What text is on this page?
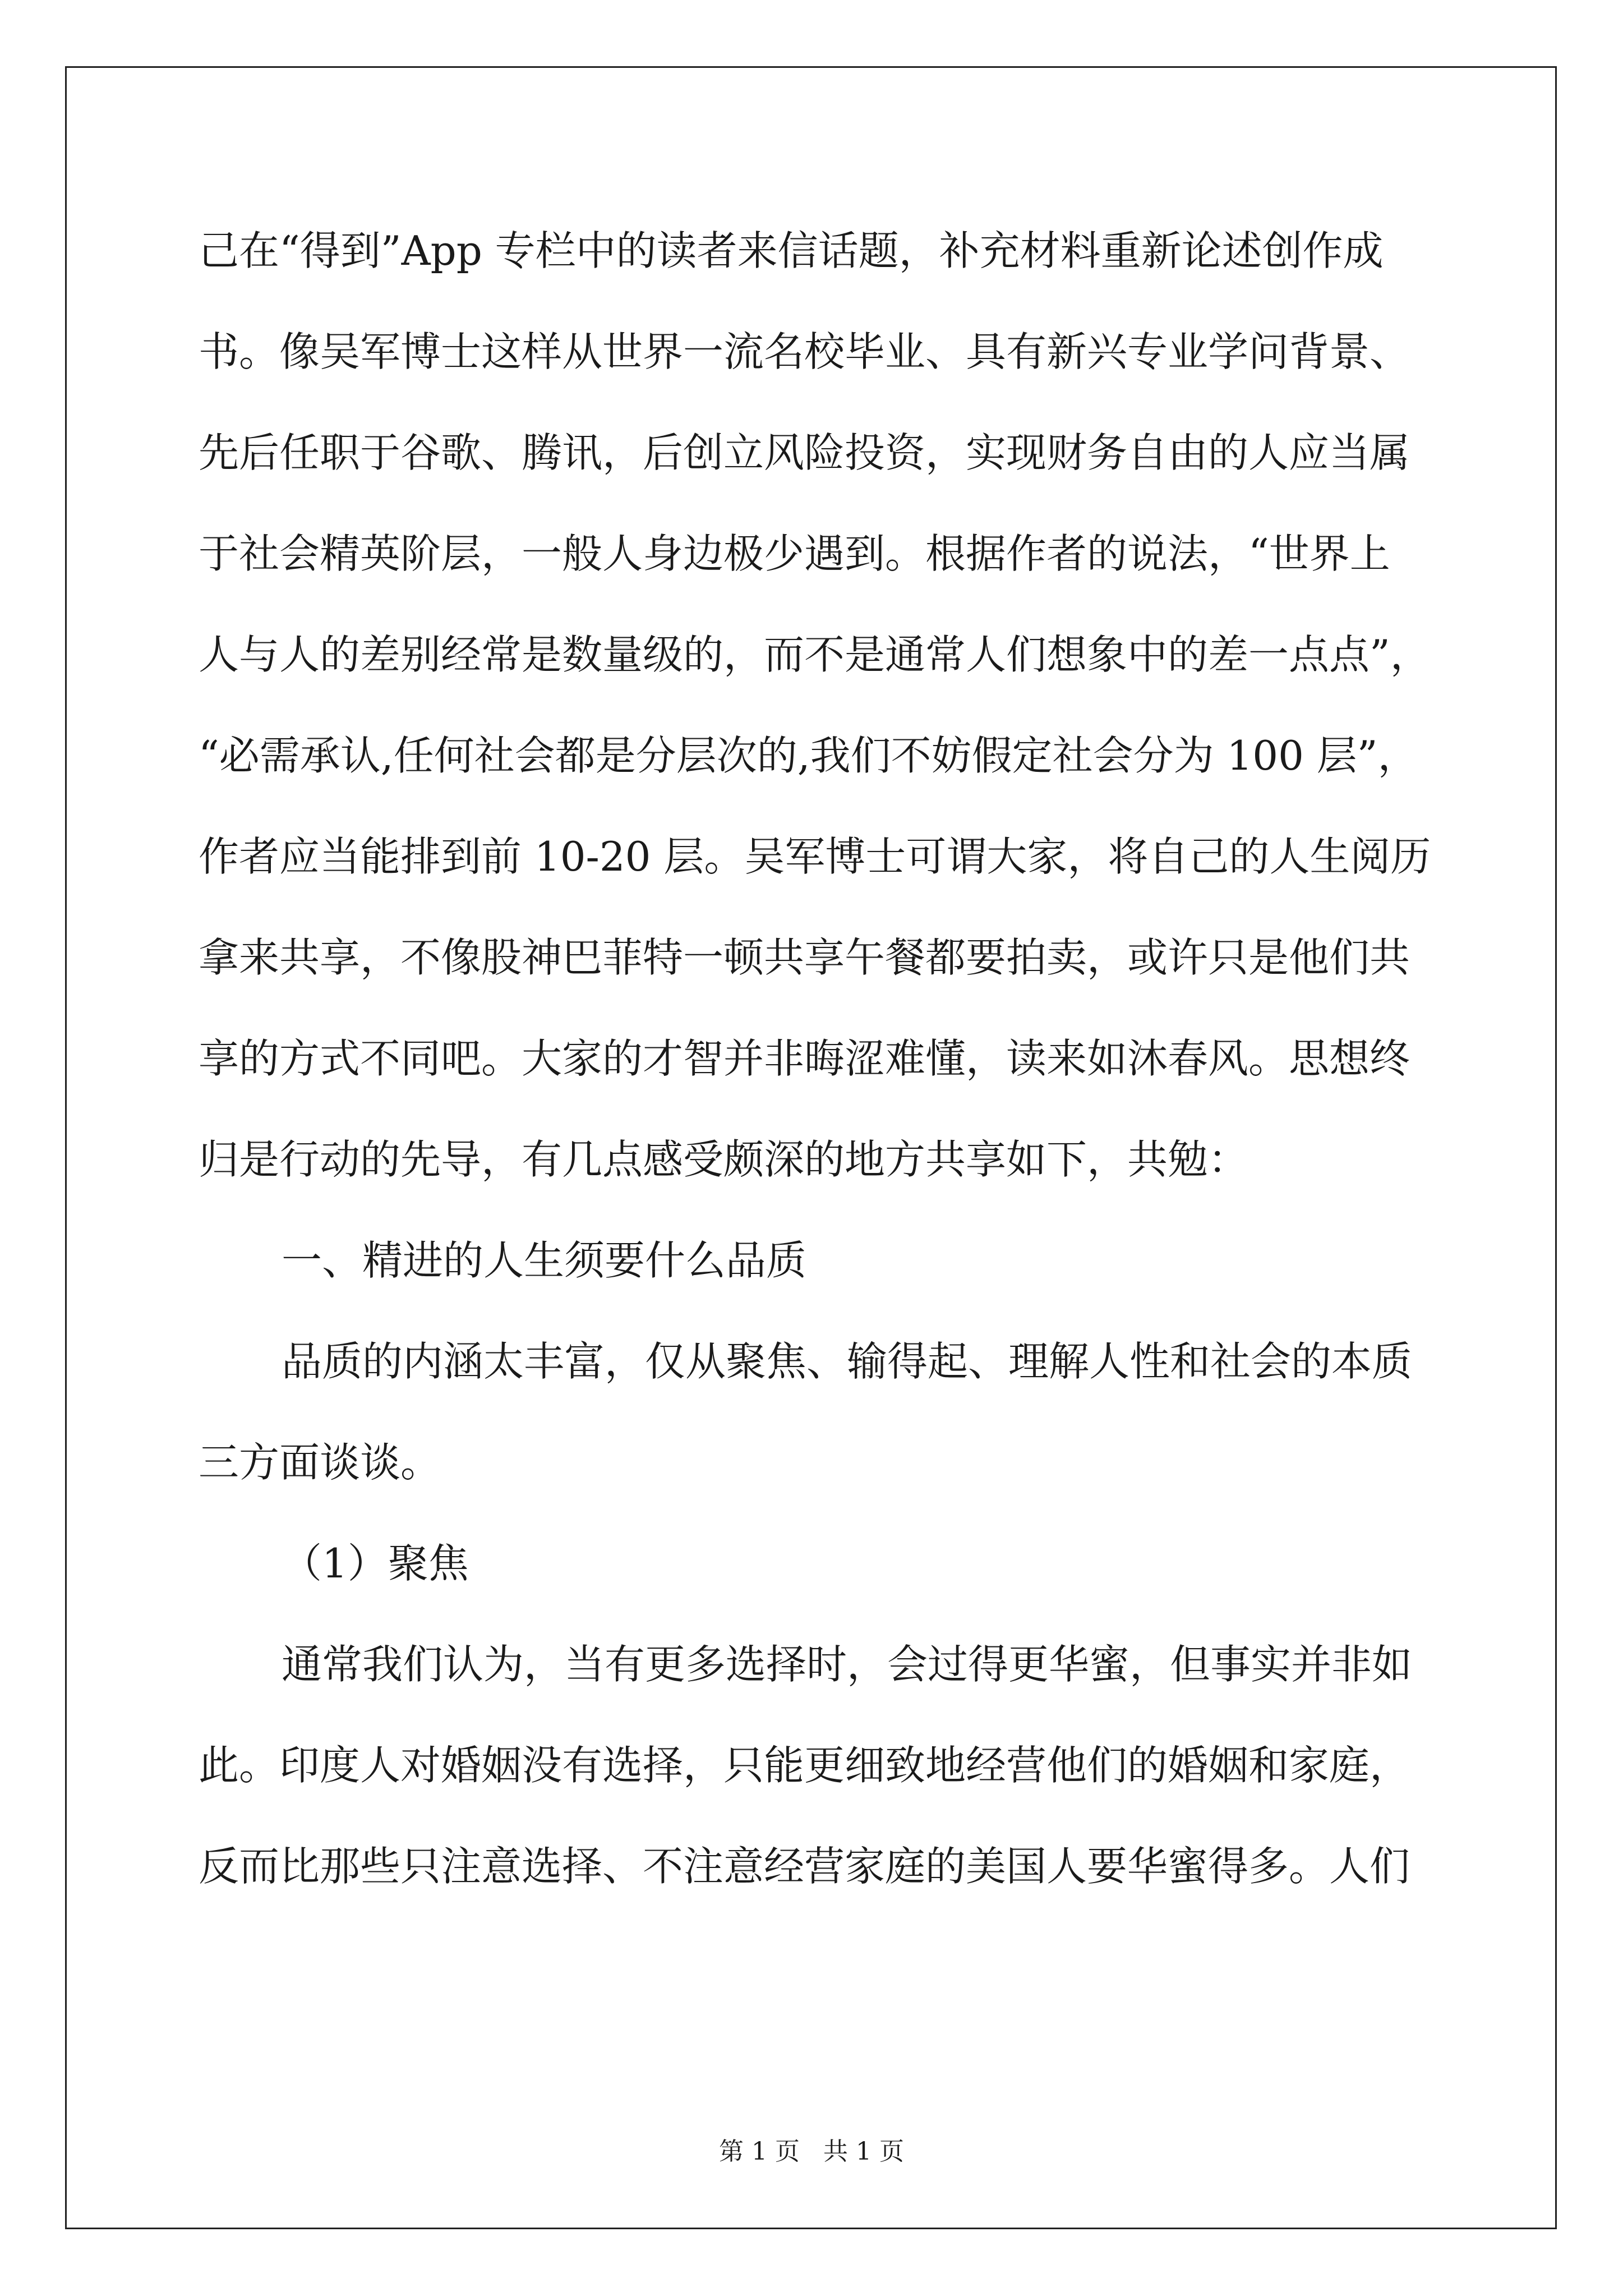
己在“得到”App 专栏中的读者来信话题，补充材料重新论述创作成
书。像吴军博士这样从世界一流名校毕业、具有新兴专业学问背景、
先后任职于谷歌、腾讯，后创立风险投资，实现财务自由的人应当属
于社会精英阶层，一般人身边极少遇到。根据作者的说法，“世界上
人与人的差别经常是数量级的，而不是通常人们想象中的差一点点”，
“必需承认,任何社会都是分层次的,我们不妨假定社会分为 100 层”，
作者应当能排到前 10-20 层。吴军博士可谓大家，将自己的人生阅历
拿来共享，不像股神巴菲特一顿共享午餐都要拍卖，或许只是他们共
享的方式不同吧。大家的才智并非晦涩难懂，读来如沐春风。思想终
归是行动的先导，有几点感受颇深的地方共享如下，共勉：
一、精进的人生须要什么品质
品质的内涵太丰富，仅从聚焦、输得起、理解人性和社会的本质
三方面谈谈。
（1）聚焦
通常我们认为，当有更多选择时，会过得更华蜜，但事实并非如
此。印度人对婚姻没有选择，只能更细致地经营他们的婚姻和家庭，
反而比那些只注意选择、不注意经营家庭的美国人要华蜜得多。人们
第 1 页   共 1 页
